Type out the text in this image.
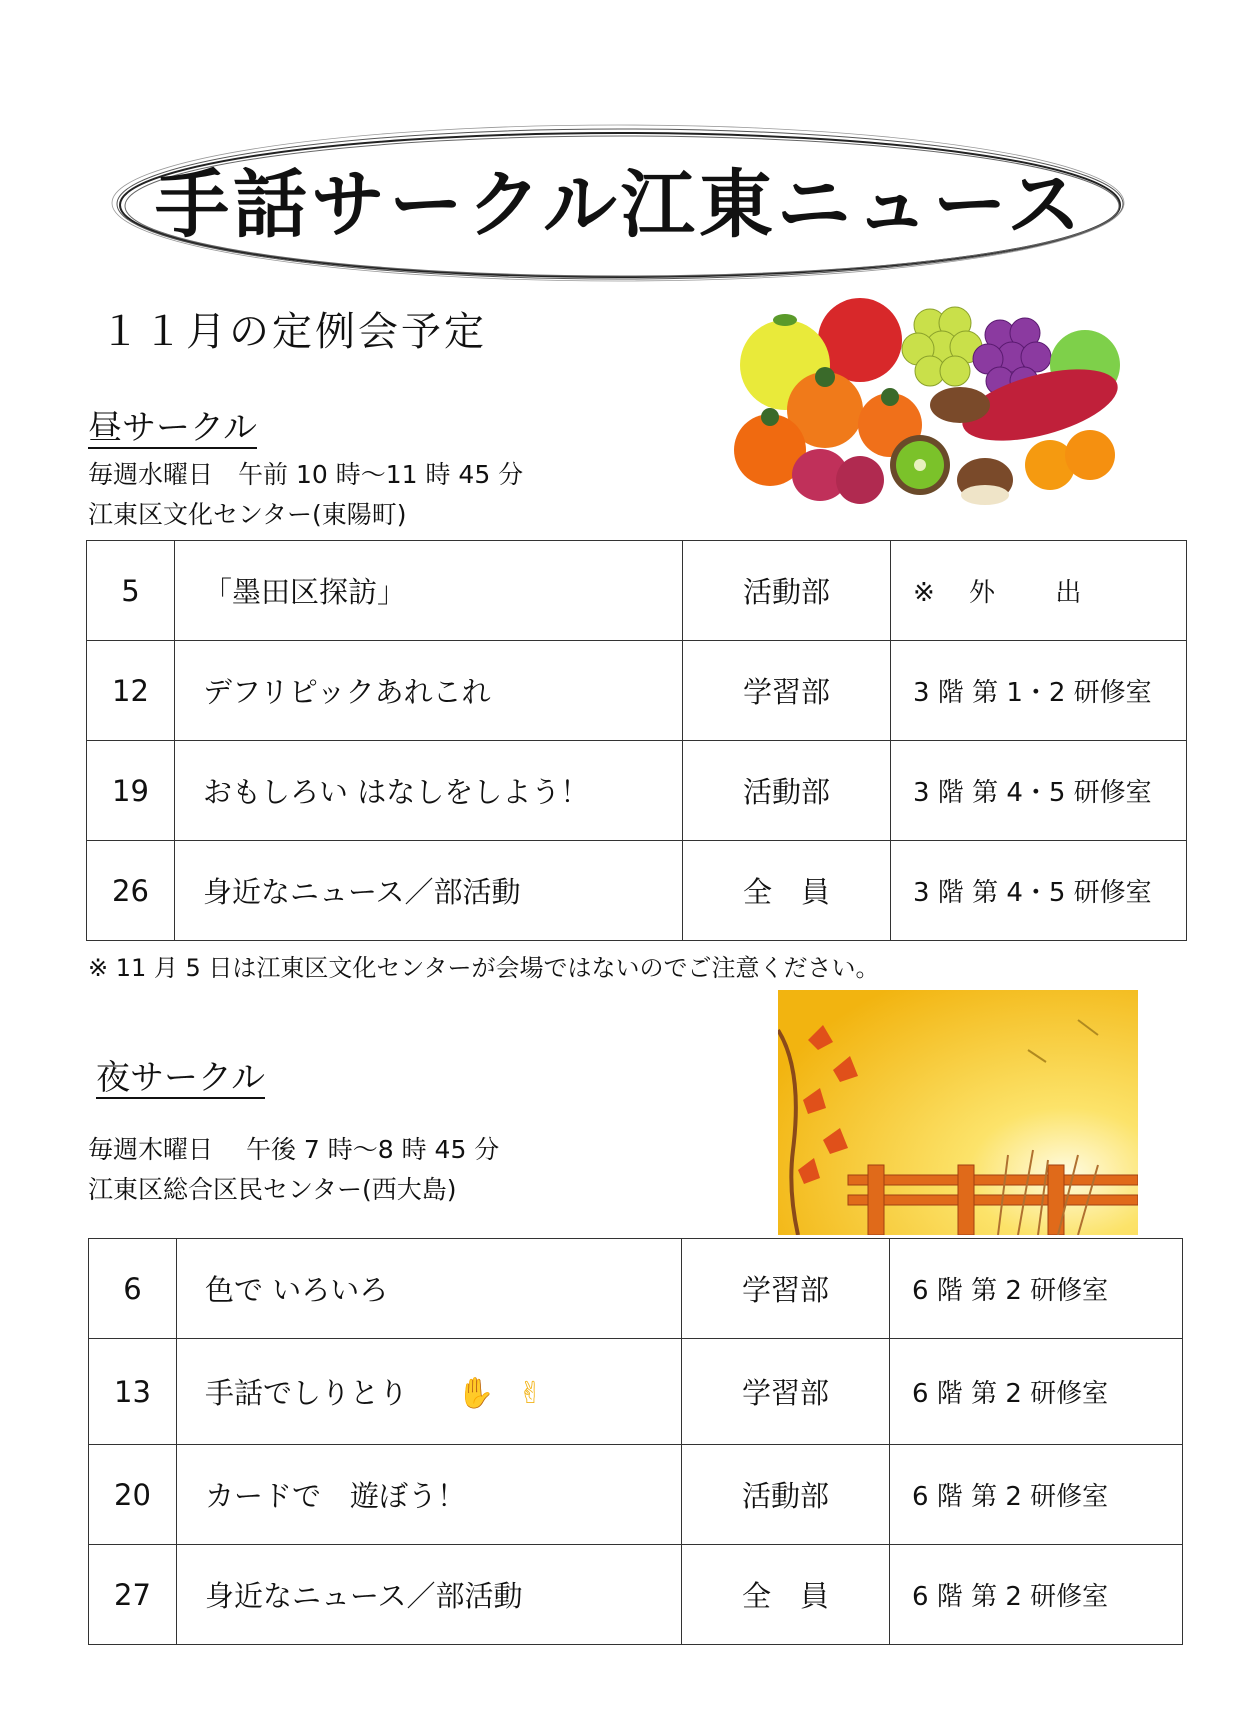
手話サークル江東ニュース
１１月の定例会予定
昼サークル
毎週水曜日　午前 10 時～11 時 45 分
江東区文化センター(東陽町)
5	「墨田区探訪」	活動部	※　 外　　 出
12	デフリピックあれこれ	学習部	3 階 第 1・2 研修室
19	おもしろい はなしをしよう！	活動部	3 階 第 4・5 研修室
26	身近なニュース／部活動	全　員	3 階 第 4・5 研修室
※ 11 月 5 日は江東区文化センターが会場ではないのでご注意ください。
夜サークル
毎週木曜日　 午後 7 時～8 時 45 分
江東区総合区民センター(西大島)
6	色で いろいろ	学習部	6 階 第 2 研修室
13	手話でしりとり ✋ ✌	学習部	6 階 第 2 研修室
20	カードで　遊ぼう！	活動部	6 階 第 2 研修室
27	身近なニュース／部活動	全　員	6 階 第 2 研修室
